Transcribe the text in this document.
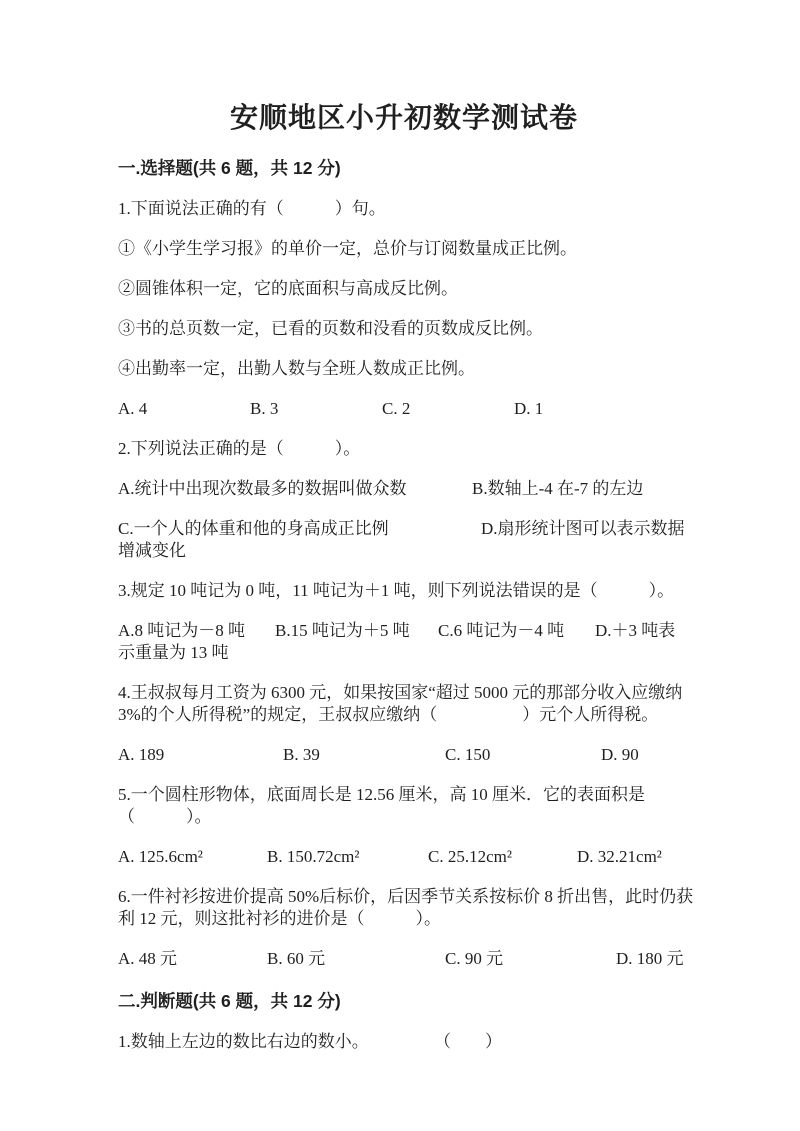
安顺地区小升初数学测试卷
一.选择题(共 6 题，共 12 分)
1.下面说法正确的有（　　　）句。
①《小学生学习报》的单价一定，总价与订阅数量成正比例。
②圆锥体积一定，它的底面积与高成反比例。
③书的总页数一定，已看的页数和没看的页数成反比例。
④出勤率一定，出勤人数与全班人数成正比例。
A. 4	B. 3	C. 2	D. 1
2.下列说法正确的是（　　　）。
A.统计中出现次数最多的数据叫做众数	B.数轴上-4 在-7 的左边
C.一个人的体重和他的身高成正比例	D.扇形统计图可以表示数据
增减变化
3.规定 10 吨记为 0 吨，11 吨记为＋1 吨，则下列说法错误的是（　　　）。
A.8 吨记为－8 吨	B.15 吨记为＋5 吨	C.6 吨记为－4 吨	D.＋3 吨表
示重量为 13 吨
4.王叔叔每月工资为 6300 元，如果按国家“超过 5000 元的那部分收入应缴纳
3%的个人所得税”的规定，王叔叔应缴纳（　　　　　）元个人所得税。
A. 189	B. 39	C. 150	D. 90
5.一个圆柱形物体，底面周长是 12.56 厘米，高 10 厘米．它的表面积是
（　　　）。
A. 125.6cm²	B. 150.72cm²	C. 25.12cm²	D. 32.21cm²
6.一件衬衫按进价提高 50%后标价，后因季节关系按标价 8 折出售，此时仍获
利 12 元，则这批衬衫的进价是（　　　）。
A. 48 元	B. 60 元	C. 90 元	D. 180 元
二.判断题(共 6 题，共 12 分)
1.数轴上左边的数比右边的数小。	（　　）
